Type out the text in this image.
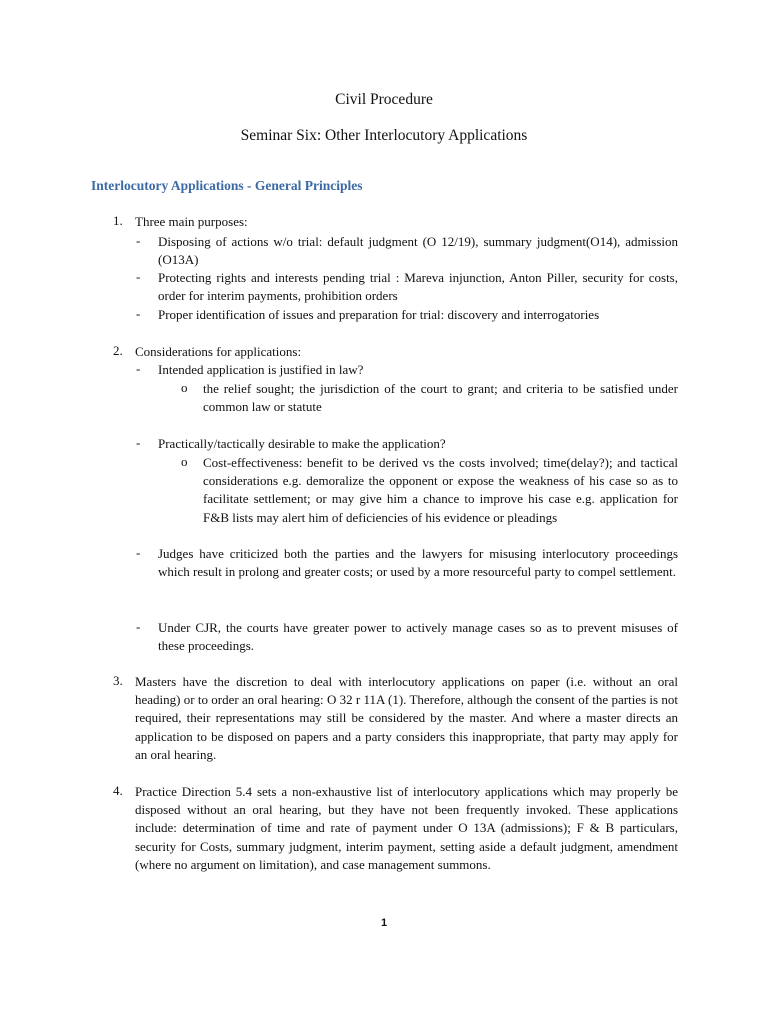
Civil Procedure
Seminar Six: Other Interlocutory Applications
Interlocutory Applications - General Principles
1. Three main purposes:
- Disposing of actions w/o trial: default judgment (O 12/19), summary judgment(O14), admission (O13A)
- Protecting rights and interests pending trial : Mareva injunction, Anton Piller, security for costs, order for interim payments, prohibition orders
- Proper identification of issues and preparation for trial: discovery and interrogatories
2. Considerations for applications:
- Intended application is justified in law?
o the relief sought; the jurisdiction of the court to grant; and criteria to be satisfied under common law or statute
- Practically/tactically desirable to make the application?
o Cost-effectiveness: benefit to be derived vs the costs involved; time(delay?); and tactical considerations e.g. demoralize the opponent or expose the weakness of his case so as to facilitate settlement; or may give him a chance to improve his case e.g. application for F&B lists may alert him of deficiencies of his evidence or pleadings
- Judges have criticized both the parties and the lawyers for misusing interlocutory proceedings which result in prolong and greater costs; or used by a more resourceful party to compel settlement.
- Under CJR, the courts have greater power to actively manage cases so as to prevent misuses of these proceedings.
3. Masters have the discretion to deal with interlocutory applications on paper (i.e. without an oral heading) or to order an oral hearing: O 32 r 11A (1). Therefore, although the consent of the parties is not required, their representations may still be considered by the master. And where a master directs an application to be disposed on papers and a party considers this inappropriate, that party may apply for an oral hearing.
4. Practice Direction 5.4 sets a non-exhaustive list of interlocutory applications which may properly be disposed without an oral hearing, but they have not been frequently invoked. These applications include: determination of time and rate of payment under O 13A (admissions); F & B particulars, security for Costs, summary judgment, interim payment, setting aside a default judgment, amendment (where no argument on limitation), and case management summons.
1
